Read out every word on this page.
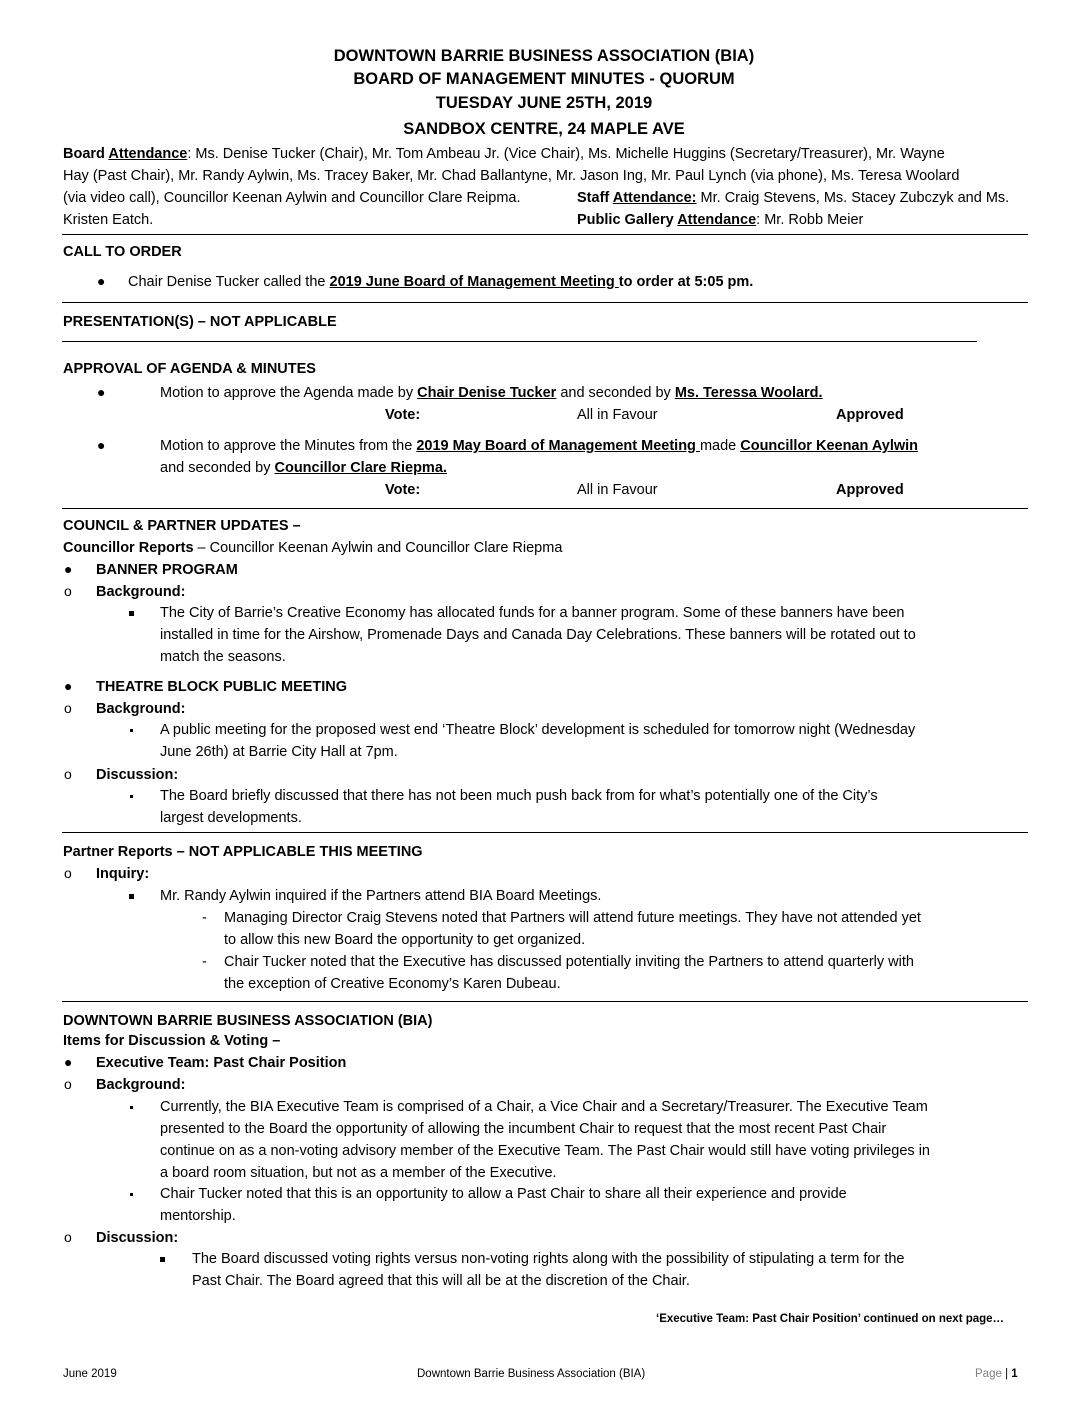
DOWNTOWN BARRIE BUSINESS ASSOCIATION (BIA)
BOARD OF MANAGEMENT MINUTES - QUORUM
TUESDAY JUNE 25TH, 2019
SANDBOX CENTRE, 24 MAPLE AVE
Board Attendance: Ms. Denise Tucker (Chair), Mr. Tom Ambeau Jr. (Vice Chair), Ms. Michelle Huggins (Secretary/Treasurer), Mr. Wayne
Hay (Past Chair), Mr. Randy Aylwin, Ms. Tracey Baker, Mr. Chad Ballantyne, Mr. Jason Ing, Mr. Paul Lynch (via phone), Ms. Teresa Woolard
(via video call), Councillor Keenan Aylwin and Councillor Clare Reipma.	Staff Attendance: Mr. Craig Stevens, Ms. Stacey Zubczyk and Ms.
Kristen Eatch.	Public Gallery Attendance: Mr. Robb Meier
CALL TO ORDER
● Chair Denise Tucker called the 2019 June Board of Management Meeting to order at 5:05 pm.
PRESENTATION(S) – NOT APPLICABLE
APPROVAL OF AGENDA & MINUTES
●	Motion to approve the Agenda made by Chair Denise Tucker and seconded by Ms. Teressa Woolard.
Vote:	All in Favour	Approved
●	Motion to approve the Minutes from the 2019 May Board of Management Meeting made Councillor Keenan Aylwin
and seconded by Councillor Clare Riepma.
Vote:	All in Favour	Approved
COUNCIL & PARTNER UPDATES –
Councillor Reports – Councillor Keenan Aylwin and Councillor Clare Riepma
● BANNER PROGRAM
o Background:
The City of Barrie’s Creative Economy has allocated funds for a banner program. Some of these banners have been
installed in time for the Airshow, Promenade Days and Canada Day Celebrations. These banners will be rotated out to
match the seasons.
● THEATRE BLOCK PUBLIC MEETING
o Background:
A public meeting for the proposed west end ‘Theatre Block’ development is scheduled for tomorrow night (Wednesday
June 26th) at Barrie City Hall at 7pm.
o Discussion:
The Board briefly discussed that there has not been much push back from for what’s potentially one of the City’s
largest developments.
Partner Reports – NOT APPLICABLE THIS MEETING
o Inquiry:
Mr. Randy Aylwin inquired if the Partners attend BIA Board Meetings.
- Managing Director Craig Stevens noted that Partners will attend future meetings. They have not attended yet
to allow this new Board the opportunity to get organized.
- Chair Tucker noted that the Executive has discussed potentially inviting the Partners to attend quarterly with
the exception of Creative Economy’s Karen Dubeau.
DOWNTOWN BARRIE BUSINESS ASSOCIATION (BIA)
Items for Discussion & Voting –
● Executive Team: Past Chair Position
o Background:
Currently, the BIA Executive Team is comprised of a Chair, a Vice Chair and a Secretary/Treasurer. The Executive Team
presented to the Board the opportunity of allowing the incumbent Chair to request that the most recent Past Chair
continue on as a non-voting advisory member of the Executive Team. The Past Chair would still have voting privileges in
a board room situation, but not as a member of the Executive.
Chair Tucker noted that this is an opportunity to allow a Past Chair to share all their experience and provide
mentorship.
o Discussion:
The Board discussed voting rights versus non-voting rights along with the possibility of stipulating a term for the
Past Chair. The Board agreed that this will all be at the discretion of the Chair.
‘Executive Team: Past Chair Position’ continued on next page…
June 2019	Downtown Barrie Business Association (BIA)	Page | 1
